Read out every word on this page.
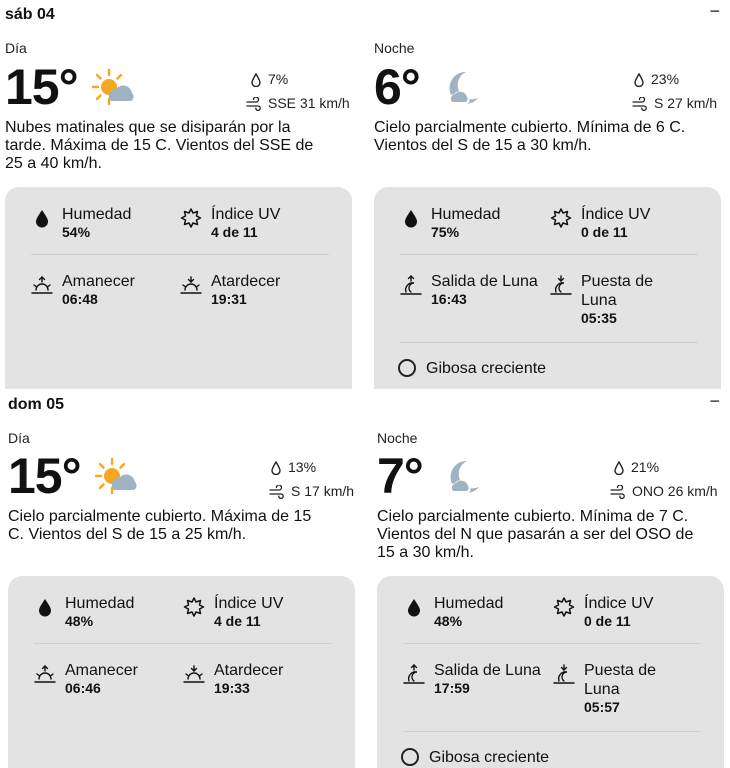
sáb 04	−
Día
15°	7%
SSE 31 km/h
Nubes matinales que se disiparán por la tarde. Máxima de 15 C. Vientos del SSE de 25 a 40 km/h.
Humedad
54%
Índice UV
4 de 11
Amanecer
06:48
Atardecer
19:31
Noche
6°	23%
S 27 km/h
Cielo parcialmente cubierto. Mínima de 6 C. Vientos del S de 15 a 30 km/h.
Humedad
75%
Índice UV
0 de 11
Salida de Luna
16:43
Puesta de Luna
05:35
Gibosa creciente
dom 05	−
Día
15°	13%
S 17 km/h
Cielo parcialmente cubierto. Máxima de 15 C. Vientos del S de 15 a 25 km/h.
Humedad
48%
Índice UV
4 de 11
Amanecer
06:46
Atardecer
19:33
Noche
7°	21%
ONO 26 km/h
Cielo parcialmente cubierto. Mínima de 7 C. Vientos del N que pasarán a ser del OSO de 15 a 30 km/h.
Humedad
48%
Índice UV
0 de 11
Salida de Luna
17:59
Puesta de Luna
05:57
Gibosa creciente
